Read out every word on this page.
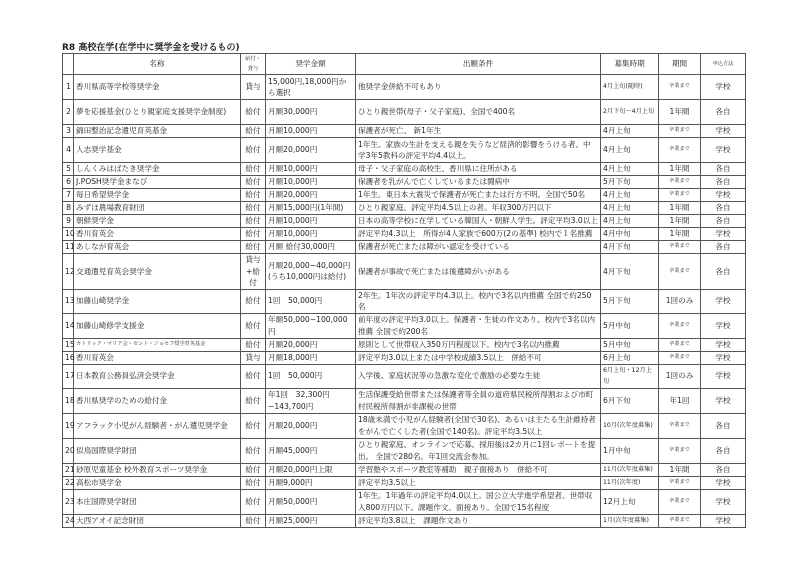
R8 高校在学(在学中に奨学金を受けるもの)
	名称	給付・貸与	奨学金額	出願条件	募集時期	期間	申込方法
1	香川県高等学校等奨学金	貸与	15,000円,18,000円から選択	他奨学金併給不可もあり	4月上旬(随時)	卒業まで	学校
2	夢を応援基金(ひとり親家庭支援奨学金制度)	給付	月額30,000円	ひとり親世帯(母子・父子家庭)、全国で400名	2月下旬～4月上旬	1年間	各自
3	錦田整治記念遺児育英基金	給付	月額10,000円	保護者が死亡、 新1年生	4月上旬	卒業まで	学校
4	人志奨学基金	給付	月額20,000円	1年生。家族の生計を支える親を失うなど経済的影響をうける者。中学3年5教科の評定平均4.4以上。	4月上旬	卒業まで	学校
5	しんくみはばたき奨学金	給付	月額10,000円	母子・父子家庭の高校生、香川県に住所がある	4月上旬	1年間	各自
6	J.POSH奨学金まなび	給付	月額10,000円	保護者を乳がんで亡くしているまたは闘病中	5月下旬	卒業まで	各自
7	毎日希望奨学金	給付	月額20,000円	1年生。東日本大震災で保護者が死亡または行方不明、全国で50名	4月上旬	卒業まで	学校
8	みずほ農場教育財団	給付	月額15,000円(1年間)	ひとり親家庭、評定平均4.5以上の者。年収300万円以下	4月上旬	1年間	各自
9	朝鮮奨学金	給付	月額10,000円	日本の高等学校に在学している韓国人・朝鮮人学生。評定平均3.0以上	4月上旬	1年間	各自
10	香川育英会	給付	月額10,000円	評定平均4.3以上　所得が4人家族で600万(2の基準) 校内で１名推薦	4月中旬	1年間	学校
11	あしなが育英会	給付	月額 給付30,000円	保護者が死亡または障がい認定を受けている	4月下旬	卒業まで	各自
12	交通遺児育英会奨学金	貸与+給付	月額20,000~40,000円(うち10,000円は給付)	保護者が事故で死亡または後遺障がいがある	4月下旬	卒業まで	各自
13	加藤山崎奨学金	給付	1回　50,000円	2年生。1年次の評定平均4.3以上。校内で3名以内推薦 全国で約250名	5月下旬	1回のみ	学校
14	加藤山崎修学支援金	給付	年額50,000~100,000円	前年度の評定平均3.0以上。保護者・生徒の作文あり。校内で3名以内推薦 全国で約200名	5月中旬	卒業まで	学校
15	カトリック・マリア会・セント・ジョセフ奨学育英基金	給付	月額20,000円	原則として世帯収入350万円程度以下。校内で3名以内推薦	5月中旬	卒業まで	学校
16	香川育英会	貸与	月額18,000円	評定平均3.0以上または中学校成績3.5以上　併給不可	6月上旬	卒業まで	学校
17	日本教育公務員弘済会奨学金	給付	1回　50,000円	入学後、家庭状況等の急激な変化で激励の必要な生徒	6月上旬・12月上旬	1回のみ	学校
18	香川県奨学のための給付金	給付	年1回　32,300円 ~143,700円	生活保護受給世帯または保護者等全員の道府県民税所得割および市町村民税所得割が非課税の世帯	6月下旬	年1回	学校
19	アフラック小児がん経験者・がん遺児奨学金	給付	月額20,000円	18歳未満で小児がん経験者(全国で30名)、あるいは主たる生計維持者をがんで亡くした者(全国で140名)。評定平均3.5以上	10月(次年度募集)	卒業まで	各自
20	似鳥国際奨学財団	給付	月額45,000円	ひとり親家庭、オンラインで応募。採用後は2カ月に1回レポートを提出。 全国で280名。年1回交流会参加。	1月中旬	卒業まで	各自
21	砂原児童基金 校外教育スポーツ奨学金	給付	月額20,000円上限	学習塾やスポーツ教室等補助　親子面接あり　併給不可	11月(次年度募集)	1年間	各自
22	高松市奨学金	給付	月額9,000円	評定平均3.5以上	11月(次年度)	卒業まで	学校
23	本庄国際奨学財団	給付	月額50,000円	1年生。1年過年の評定平均4.0以上。国公立大学進学希望者。世帯収入800万円以下。課題作文、面接あり。全国で15名程度	12月上旬	卒業まで	学校
24	大西アオイ記念財団	給付	月額25,000円	評定平均3.8以上　課題作文あり	1月(次年度募集)	卒業まで	学校
